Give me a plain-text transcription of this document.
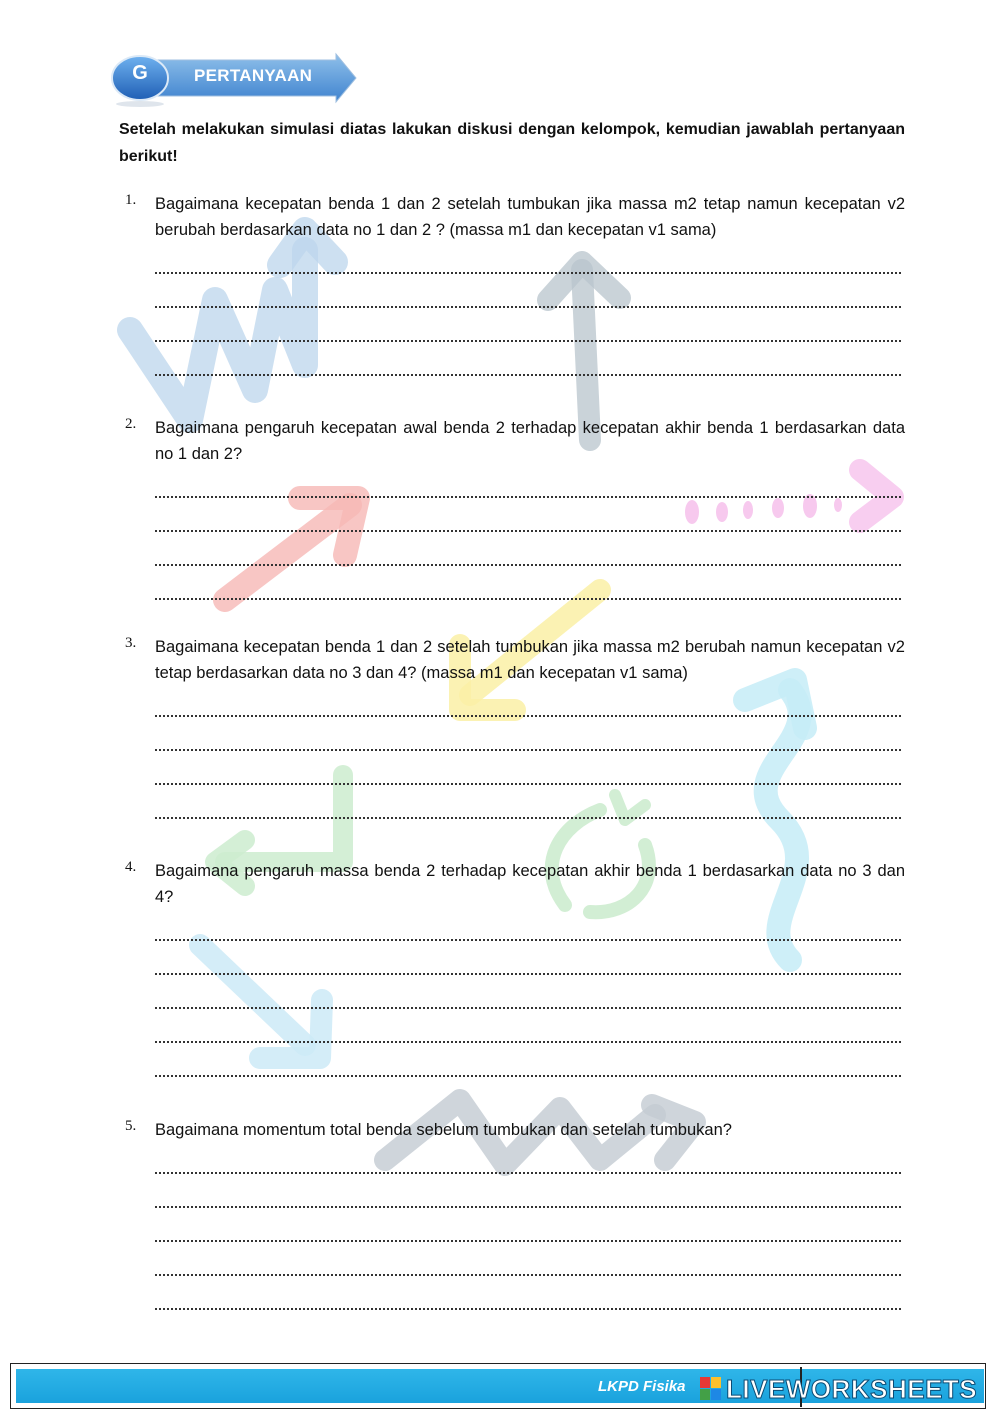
G	PERTANYAAN
Setelah melakukan simulasi diatas lakukan diskusi dengan kelompok, kemudian jawablah pertanyaan berikut!
1. Bagaimana kecepatan benda 1 dan 2 setelah tumbukan jika massa m2 tetap namun kecepatan v2 berubah berdasarkan data no 1 dan 2 ? (massa m1 dan kecepatan v1 sama)
2. Bagaimana pengaruh kecepatan awal benda 2 terhadap kecepatan akhir benda 1 berdasarkan data no 1 dan 2?
3. Bagaimana kecepatan benda 1 dan 2 setelah tumbukan jika massa m2 berubah namun kecepatan v2 tetap berdasarkan data no 3 dan 4? (massa m1 dan kecepatan v1 sama)
4. Bagaimana pengaruh massa benda 2 terhadap kecepatan akhir benda 1 berdasarkan data no 3 dan 4?
5. Bagaimana momentum total benda sebelum tumbukan dan setelah tumbukan?
LKPD Fisika LIVEWORKSHEETS
